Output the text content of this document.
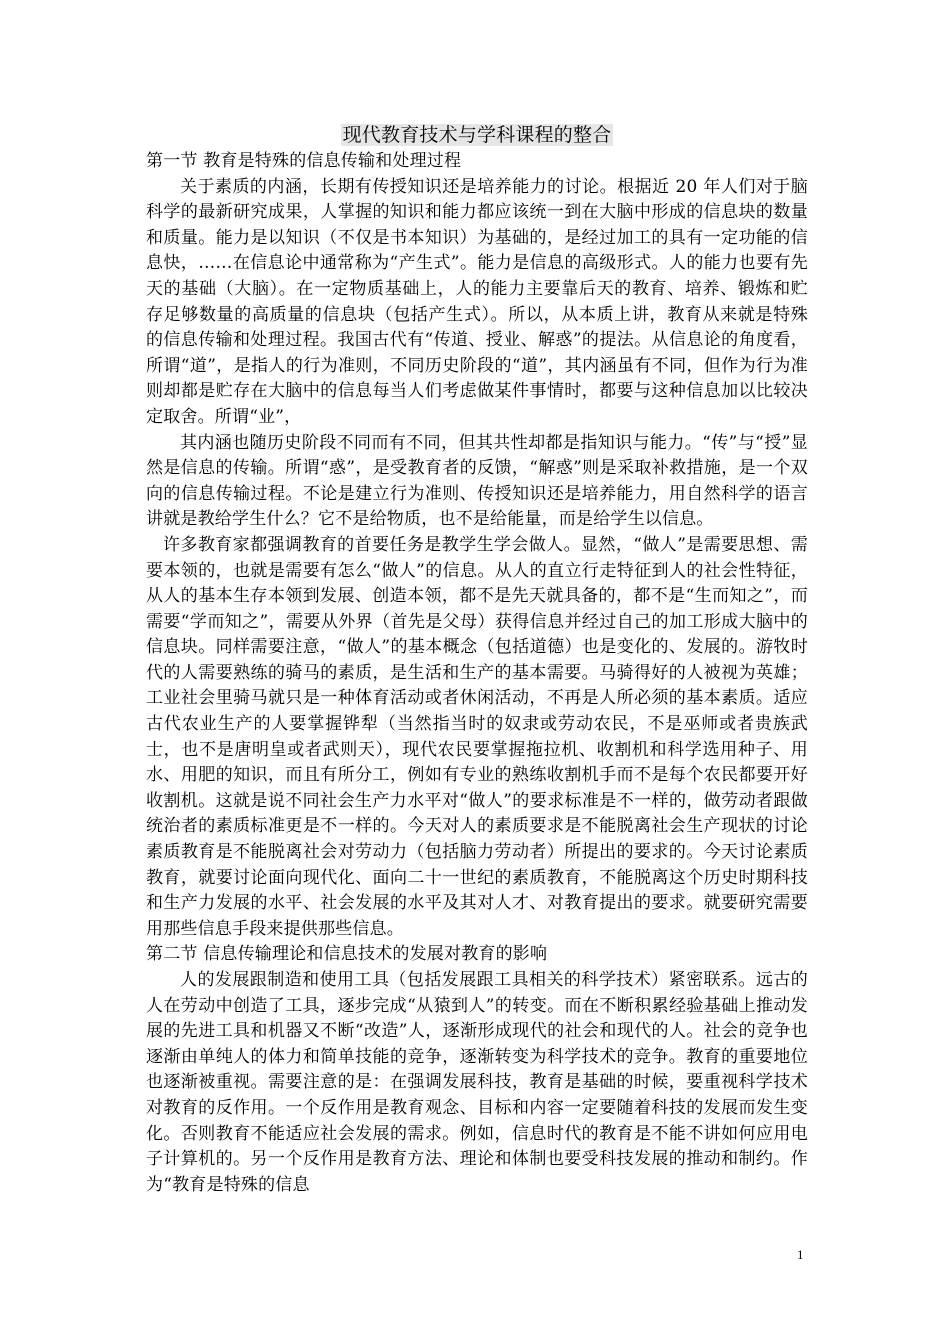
现代教育技术与学科课程的整合

第一节 教育是特殊的信息传输和处理过程

关于素质的内涵，长期有传授知识还是培养能力的讨论。根据近 20 年人们对于脑科学的最新研究成果，人掌握的知识和能力都应该统一到在大脑中形成的信息块的数量和质量。能力是以知识（不仅是书本知识）为基础的，是经过加工的具有一定功能的信息快，……在信息论中通常称为“产生式”。能力是信息的高级形式。人的能力也要有先天的基础（大脑）。在一定物质基础上，人的能力主要靠后天的教育、培养、锻炼和贮存足够数量的高质量的信息块（包括产生式）。所以，从本质上讲，教育从来就是特殊的信息传输和处理过程。我国古代有“传道、授业、解惑”的提法。从信息论的角度看，所谓“道”，是指人的行为准则，不同历史阶段的“道”，其内涵虽有不同，但作为行为准则却都是贮存在大脑中的信息每当人们考虑做某件事情时，都要与这种信息加以比较决定取舍。所谓“业”，

其内涵也随历史阶段不同而有不同，但其共性却都是指知识与能力。“传”与“授”显然是信息的传输。所谓“惑”，是受教育者的反馈，“解惑”则是采取补救措施，是一个双向的信息传输过程。不论是建立行为准则、传授知识还是培养能力，用自然科学的语言讲就是教给学生什么？它不是给物质，也不是给能量，而是给学生以信息。

许多教育家都强调教育的首要任务是教学生学会做人。显然，“做人”是需要思想、需要本领的，也就是需要有怎么“做人”的信息。从人的直立行走特征到人的社会性特征，从人的基本生存本领到发展、创造本领，都不是先天就具备的，都不是“生而知之”，而需要“学而知之”，需要从外界（首先是父母）获得信息并经过自己的加工形成大脑中的信息块。同样需要注意，“做人”的基本概念（包括道德）也是变化的、发展的。游牧时代的人需要熟练的骑马的素质，是生活和生产的基本需要。马骑得好的人被视为英雄；工业社会里骑马就只是一种体育活动或者休闲活动，不再是人所必须的基本素质。适应古代农业生产的人要掌握铧犁（当然指当时的奴隶或劳动农民，不是巫师或者贵族武士，也不是唐明皇或者武则天），现代农民要掌握拖拉机、收割机和科学选用种子、用水、用肥的知识，而且有所分工，例如有专业的熟练收割机手而不是每个农民都要开好收割机。这就是说不同社会生产力水平对“做人”的要求标准是不一样的，做劳动者跟做统治者的素质标准更是不一样的。今天对人的素质要求是不能脱离社会生产现状的讨论素质教育是不能脱离社会对劳动力（包括脑力劳动者）所提出的要求的。今天讨论素质教育，就要讨论面向现代化、面向二十一世纪的素质教育，不能脱离这个历史时期科技和生产力发展的水平、社会发展的水平及其对人才、对教育提出的要求。就要研究需要用那些信息手段来提供那些信息。

第二节 信息传输理论和信息技术的发展对教育的影响

人的发展跟制造和使用工具（包括发展跟工具相关的科学技术）紧密联系。远古的人在劳动中创造了工具，逐步完成“从猿到人”的转变。而在不断积累经验基础上推动发展的先进工具和机器又不断“改造”人，逐渐形成现代的社会和现代的人。社会的竞争也逐渐由单纯人的体力和简单技能的竞争，逐渐转变为科学技术的竞争。教育的重要地位也逐渐被重视。需要注意的是：在强调发展科技，教育是基础的时候，要重视科学技术对教育的反作用。一个反作用是教育观念、目标和内容一定要随着科技的发展而发生变化。否则教育不能适应社会发展的需求。例如，信息时代的教育是不能不讲如何应用电子计算机的。另一个反作用是教育方法、理论和体制也要受科技发展的推动和制约。作为“教育是特殊的信息

1
